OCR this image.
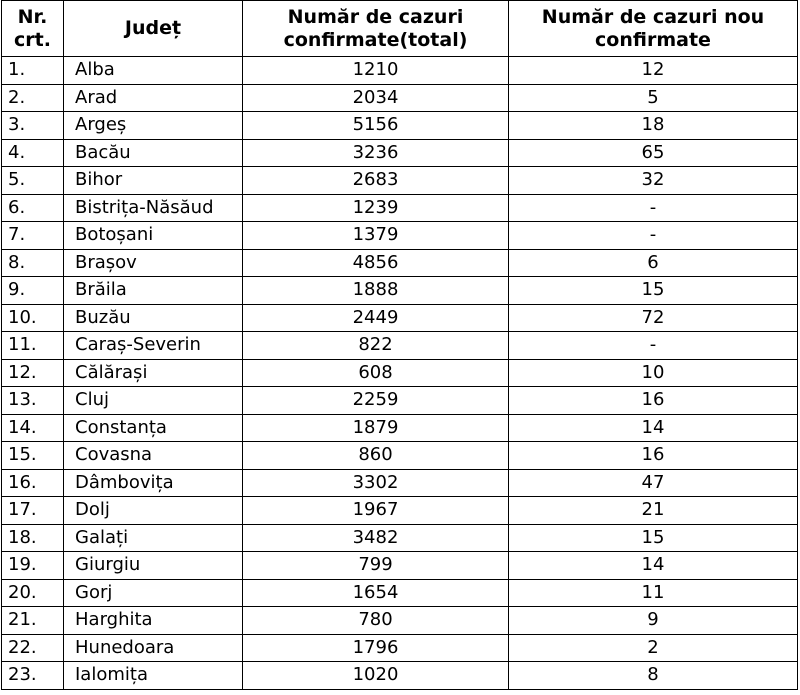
Nr. crt.	Județ	Număr de cazuri confirmate(total)	Număr de cazuri nou confirmate
1.	Alba	1210	12
2.	Arad	2034	5
3.	Argeș	5156	18
4.	Bacău	3236	65
5.	Bihor	2683	32
6.	Bistrița-Năsăud	1239	-
7.	Botoșani	1379	-
8.	Brașov	4856	6
9.	Brăila	1888	15
10.	Buzău	2449	72
11.	Caraș-Severin	822	-
12.	Călărași	608	10
13.	Cluj	2259	16
14.	Constanța	1879	14
15.	Covasna	860	16
16.	Dâmbovița	3302	47
17.	Dolj	1967	21
18.	Galați	3482	15
19.	Giurgiu	799	14
20.	Gorj	1654	11
21.	Harghita	780	9
22.	Hunedoara	1796	2
23.	Ialomița	1020	8
